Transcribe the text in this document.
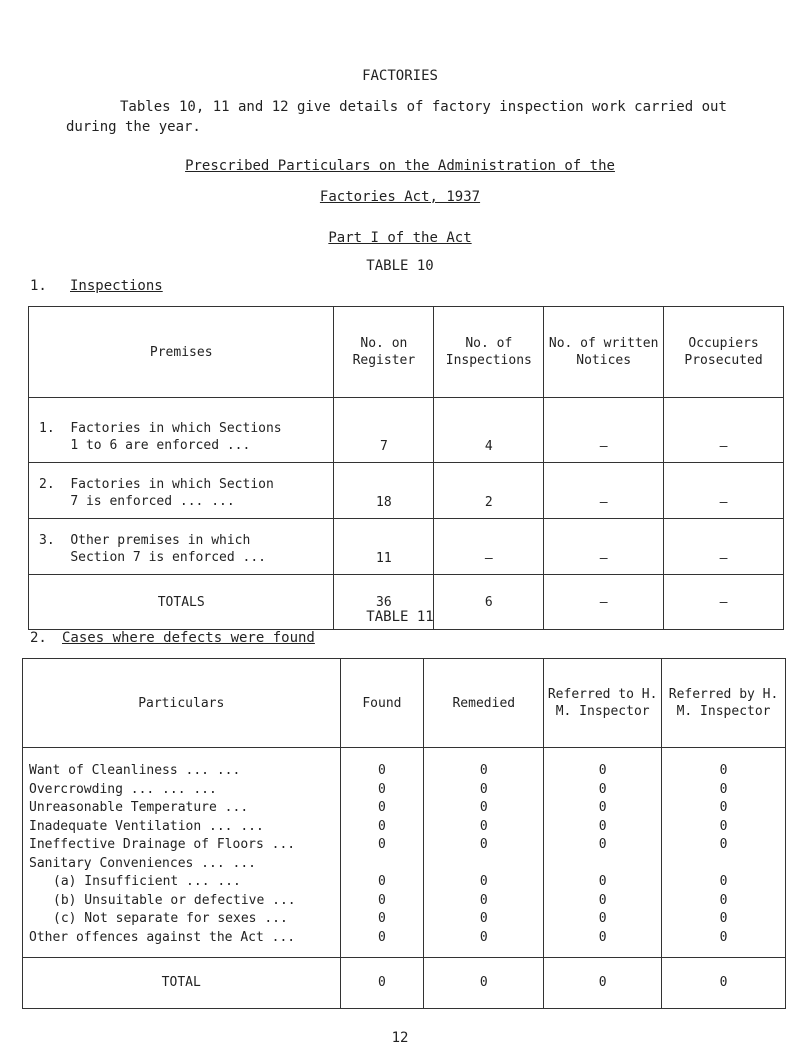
FACTORIES
Tables 10, 11 and 12 give details of factory inspection work carried out during the year.
Prescribed Particulars on the Administration of the
Factories Act, 1937
Part I of the Act
TABLE 10
1. Inspections
Premises	No. on Register	No. of Inspections	No. of written Notices	Occupiers Prosecuted
1. Factories in which Sections
1 to 6 are enforced ...	7	4	–	–
2. Factories in which Section
7 is enforced ... ...	18	2	–	–
3. Other premises in which
Section 7 is enforced ...	11	–	–	–
TOTALS	36	6	–	–
TABLE 11
2. Cases where defects were found
Particulars	Found	Remedied	Referred to H. M. Inspector	Referred by H. M. Inspector

Want of Cleanliness ... ...	0	0	0	0
Overcrowding ... ... ...	0	0	0	0
Unreasonable Temperature ...	0	0	0	0
Inadequate Ventilation ... ...	0	0	0	0
Ineffective Drainage of Floors ...	0	0	0	0
Sanitary Conveniences ... ...				
(a) Insufficient ... ...	0	0	0	0
(b) Unsuitable or defective ...	0	0	0	0
(c) Not separate for sexes ...	0	0	0	0
Other offences against the Act ...	0	0	0	0
TOTAL	0	0	0	0
12
